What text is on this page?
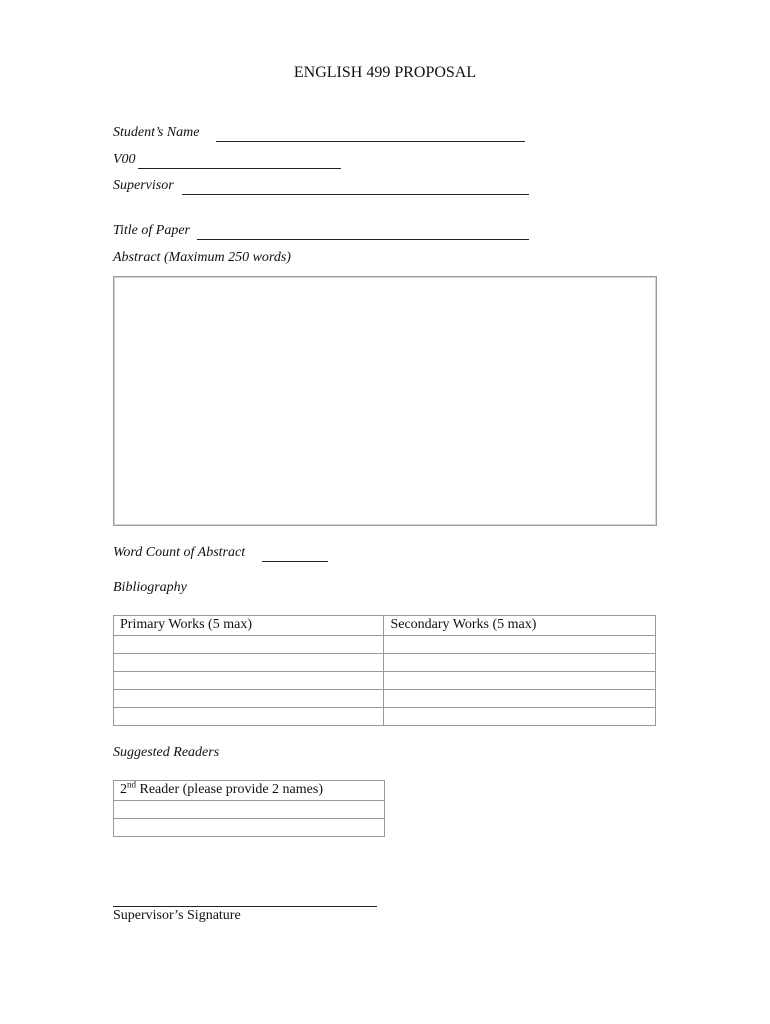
ENGLISH 499 PROPOSAL
Student’s Name
V00
Supervisor
Title of Paper
Abstract (Maximum 250 words)
Word Count of Abstract
Bibliography
Primary Works (5 max)	Secondary Works (5 max)

Suggested Readers
2nd Reader (please provide 2 names)

Supervisor’s Signature
